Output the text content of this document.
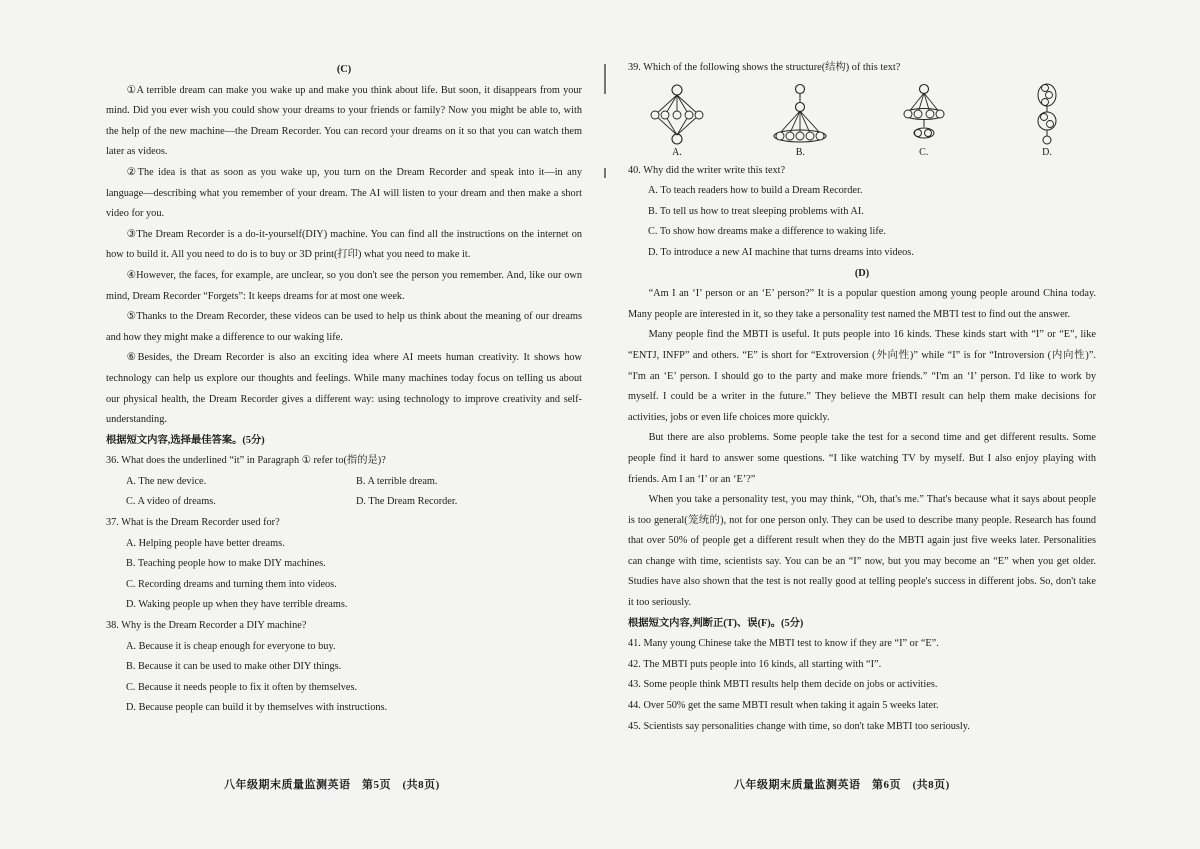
(C)

①A terrible dream can make you wake up and make you think about life. But soon, it disappears from your mind. Did you ever wish you could show your dreams to your friends or family? Now you might be able to, with the help of the new machine—the Dream Recorder. You can record your dreams on it so that you can watch them later as videos.

②The idea is that as soon as you wake up, you turn on the Dream Recorder and speak into it—in any language—describing what you remember of your dream. The AI will listen to your dream and then make a short video for you.

③The Dream Recorder is a do-it-yourself(DIY) machine. You can find all the instructions on the internet on how to build it. All you need to do is to buy or 3D print(打印) what you need to make it.

④However, the faces, for example, are unclear, so you don't see the person you remember. And, like our own mind, Dream Recorder “Forgets”: It keeps dreams for at most one week.

⑤Thanks to the Dream Recorder, these videos can be used to help us think about the meaning of our dreams and how they might make a difference to our waking life.

⑥Besides, the Dream Recorder is also an exciting idea where AI meets human creativity. It shows how technology can help us explore our thoughts and feelings. While many machines today focus on telling us about our physical health, the Dream Recorder gives a different way: using technology to improve creativity and self-understanding.

根据短文内容,选择最佳答案。(5分)

36. What does the underlined “it” in Paragraph ① refer to(指的是)?

A. The new device.	B. A terrible dream.
C. A video of dreams.	D. The Dream Recorder.

37. What is the Dream Recorder used for?

A. Helping people have better dreams.

B. Teaching people how to make DIY machines.

C. Recording dreams and turning them into videos.

D. Waking people up when they have terrible dreams.

38. Why is the Dream Recorder a DIY machine?

A. Because it is cheap enough for everyone to buy.

B. Because it can be used to make other DIY things.

C. Because it needs people to fix it often by themselves.

D. Because people can build it by themselves with instructions.

八年级期末质量监测英语　第5页　(共8页)

39. Which of the following shows the structure(结构) of this text?

A.	B.	C.	D.

40. Why did the writer write this text?

A. To teach readers how to build a Dream Recorder.

B. To tell us how to treat sleeping problems with AI.

C. To show how dreams make a difference to waking life.

D. To introduce a new AI machine that turns dreams into videos.

(D)

“Am I an ‘I’ person or an ‘E’ person?” It is a popular question among young people around China today. Many people are interested in it, so they take a personality test named the MBTI test to find out the answer.

Many people find the MBTI is useful. It puts people into 16 kinds. These kinds start with “I” or “E”, like “ENTJ, INFP” and others. “E” is short for “Extroversion (外向性)” while “I” is for “Introversion (内向性)”. “I'm an ‘E’ person. I should go to the party and make more friends.” “I'm an ‘I’ person. I'd like to work by myself. I could be a writer in the future.” They believe the MBTI result can help them make decisions for activities, jobs or even life choices more quickly.

But there are also problems. Some people take the test for a second time and get different results. Some people find it hard to answer some questions. “I like watching TV by myself. But I also enjoy playing with friends. Am I an ‘I’ or an ‘E’?”

When you take a personality test, you may think, “Oh, that's me.” That's because what it says about people is too general(笼统的), not for one person only. They can be used to describe many people. Research has found that over 50% of people get a different result when they do the MBTI again just five weeks later. Personalities can change with time, scientists say. You can be an “I” now, but you may become an “E” when you get older. Studies have also shown that the test is not really good at telling people's success in different jobs. So, don't take it too seriously.

根据短文内容,判断正(T)、误(F)。(5分)

41. Many young Chinese take the MBTI test to know if they are “I” or “E”.

42. The MBTI puts people into 16 kinds, all starting with “I”.

43. Some people think MBTI results help them decide on jobs or activities.

44. Over 50% get the same MBTI result when taking it again 5 weeks later.

45. Scientists say personalities change with time, so don't take MBTI too seriously.

八年级期末质量监测英语　第6页　(共8页)
